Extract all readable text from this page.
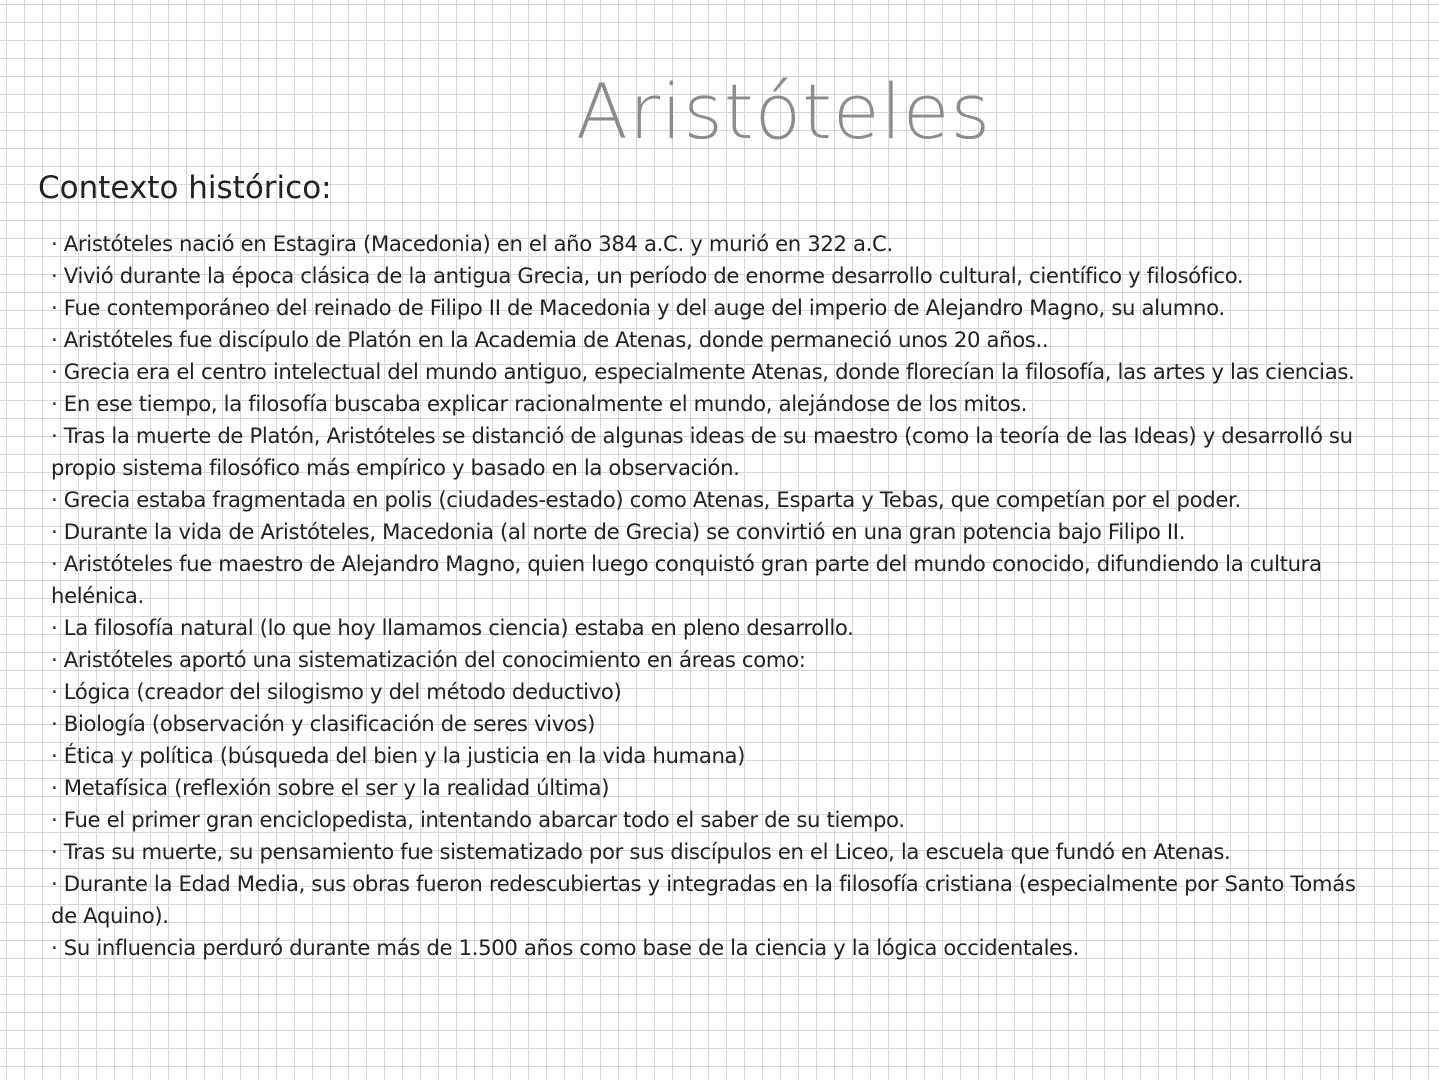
Aristóteles
Contexto histórico:
· Aristóteles nació en Estagira (Macedonia) en el año 384 a.C. y murió en 322 a.C.
· Vivió durante la época clásica de la antigua Grecia, un período de enorme desarrollo cultural, científico y filosófico.
· Fue contemporáneo del reinado de Filipo II de Macedonia y del auge del imperio de Alejandro Magno, su alumno.
· Aristóteles fue discípulo de Platón en la Academia de Atenas, donde permaneció unos 20 años..
· Grecia era el centro intelectual del mundo antiguo, especialmente Atenas, donde florecían la filosofía, las artes y las ciencias.
· En ese tiempo, la filosofía buscaba explicar racionalmente el mundo, alejándose de los mitos.
· Tras la muerte de Platón, Aristóteles se distanció de algunas ideas de su maestro (como la teoría de las Ideas) y desarrolló su propio sistema filosófico más empírico y basado en la observación.
· Grecia estaba fragmentada en polis (ciudades-estado) como Atenas, Esparta y Tebas, que competían por el poder.
· Durante la vida de Aristóteles, Macedonia (al norte de Grecia) se convirtió en una gran potencia bajo Filipo II.
· Aristóteles fue maestro de Alejandro Magno, quien luego conquistó gran parte del mundo conocido, difundiendo la cultura helénica.
· La filosofía natural (lo que hoy llamamos ciencia) estaba en pleno desarrollo.
· Aristóteles aportó una sistematización del conocimiento en áreas como:
· Lógica (creador del silogismo y del método deductivo)
· Biología (observación y clasificación de seres vivos)
· Ética y política (búsqueda del bien y la justicia en la vida humana)
· Metafísica (reflexión sobre el ser y la realidad última)
· Fue el primer gran enciclopedista, intentando abarcar todo el saber de su tiempo.
· Tras su muerte, su pensamiento fue sistematizado por sus discípulos en el Liceo, la escuela que fundó en Atenas.
· Durante la Edad Media, sus obras fueron redescubiertas y integradas en la filosofía cristiana (especialmente por Santo Tomás de Aquino).
· Su influencia perduró durante más de 1.500 años como base de la ciencia y la lógica occidentales.
